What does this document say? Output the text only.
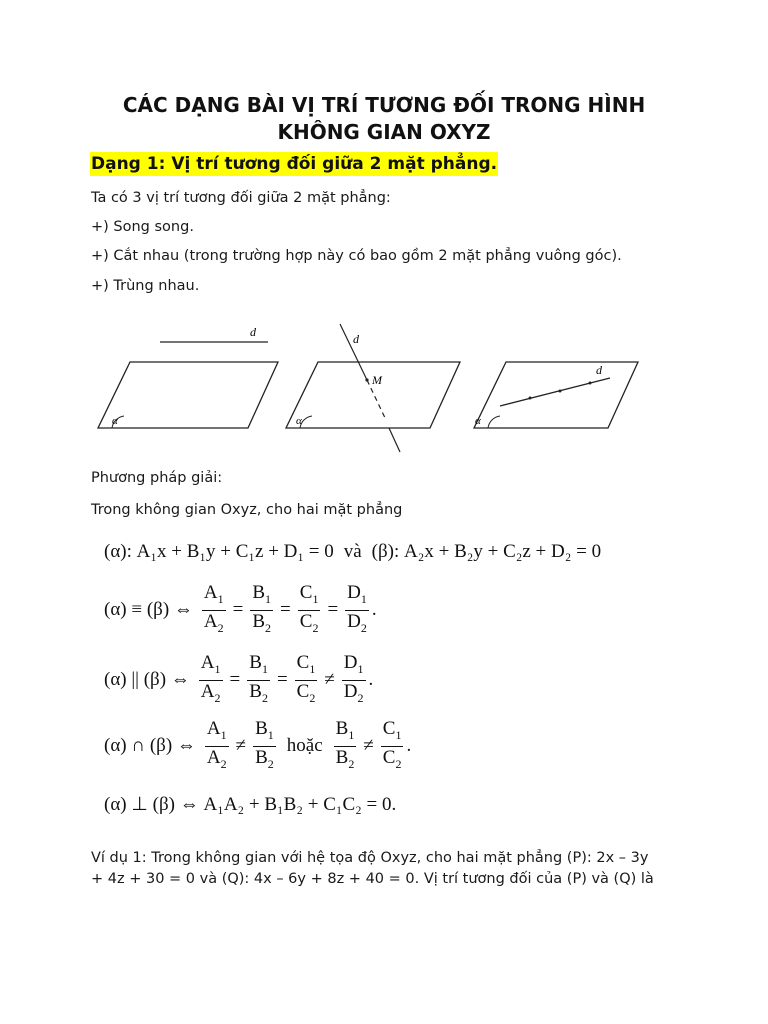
CÁC DẠNG BÀI VỊ TRÍ TƯƠNG ĐỐI TRONG HÌNH
KHÔNG GIAN OXYZ
Dạng 1: Vị trí tương đối giữa 2 mặt phẳng.
Ta có 3 vị trí tương đối giữa 2 mặt phẳng:
+) Song song.
+) Cắt nhau (trong trường hợp này có bao gồm 2 mặt phẳng vuông góc).
+) Trùng nhau.
d
α
d
M
α
d
α
Phương pháp giải:
Trong không gian Oxyz, cho hai mặt phẳng
(α): A₁x + B₁y + C₁z + D₁ = 0 và (β): A₂x + B₂y + C₂z + D₂ = 0
(α) ≡ (β) ⇔ $\frac{A_1}{A_2} = \frac{B_1}{B_2} = \frac{C_1}{C_2} = \frac{D_1}{D_2}$ .
(α) || (β) ⇔ $\frac{A_1}{A_2} = \frac{B_1}{B_2} = \frac{C_1}{C_2} \ne \frac{D_1}{D_2}$ .
(α) ∩ (β) ⇔ $\frac{A_1}{A_2} \ne \frac{B_1}{B_2}$ hoặc $\frac{B_1}{B_2} \ne \frac{C_1}{C_2}$ .
(α) ⊥ (β) ⇔ A₁A₂ + B₁B₂ + C₁C₂ = 0.
Ví dụ 1: Trong không gian với hệ tọa độ Oxyz, cho hai mặt phẳng (P): 2x – 3y
+ 4z + 30 = 0 và (Q): 4x – 6y + 8z + 40 = 0. Vị trí tương đối của (P) và (Q) là
